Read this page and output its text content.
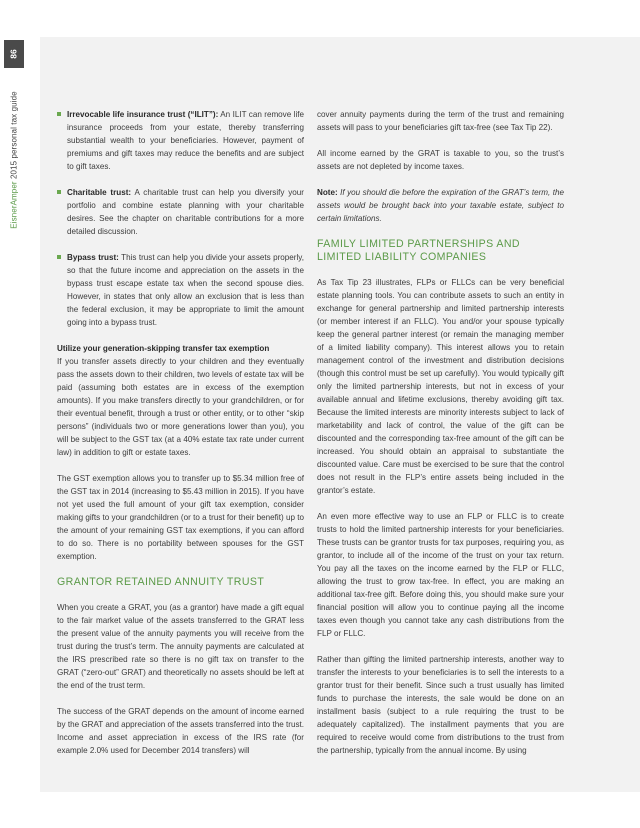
86
EisnerAmper 2015 personal tax guide	Irrevocable life insurance trust (“ILIT”): An ILIT can remove life insurance proceeds from your estate, thereby transferring substantial wealth to your beneficiaries. However, payment of premiums and gift taxes may reduce the benefits and are subject to gift taxes.
Charitable trust: A charitable trust can help you diversify your portfolio and combine estate planning with your charitable desires. See the chapter on charitable contributions for a more detailed discussion.
Bypass trust: This trust can help you divide your assets properly, so that the future income and appreciation on the assets in the bypass trust escape estate tax when the second spouse dies. However, in states that only allow an exclusion that is less than the federal exclusion, it may be appropriate to limit the amount going into a bypass trust.
Utilize your generation-skipping transfer tax exemption

If you transfer assets directly to your children and they eventually pass the assets down to their children, two levels of estate tax will be paid (assuming both estates are in excess of the exemption amounts). If you make transfers directly to your grandchildren, or for their eventual benefit, through a trust or other entity, or to other “skip persons” (individuals two or more generations lower than you), you will be subject to the GST tax (at a 40% estate tax rate under current law) in addition to gift or estate taxes.

The GST exemption allows you to transfer up to $5.34 million free of the GST tax in 2014 (increasing to $5.43 million in 2015). If you have not yet used the full amount of your gift tax exemption, consider making gifts to your grandchildren (or to a trust for their benefit) up to the amount of your remaining GST tax exemptions, if you can afford to do so. There is no portability between spouses for the GST exemption.

GRANTOR RETAINED ANNUITY TRUST

When you create a GRAT, you (as a grantor) have made a gift equal to the fair market value of the assets transferred to the GRAT less the present value of the annuity payments you will receive from the trust during the trust’s term. The annuity payments are calculated at the IRS prescribed rate so there is no gift tax on transfer to the GRAT (“zero-out” GRAT) and theoretically no assets should be left at the end of the trust term.

The success of the GRAT depends on the amount of income earned by the GRAT and appreciation of the assets transferred into the trust. Income and asset appreciation in excess of the IRS rate (for example 2.0% used for December 2014 transfers) will

cover annuity payments during the term of the trust and remaining assets will pass to your beneficiaries gift tax-free (see Tax Tip 22).

All income earned by the GRAT is taxable to you, so the trust’s assets are not depleted by income taxes.

Note: If you should die before the expiration of the GRAT’s term, the assets would be brought back into your taxable estate, subject to certain limitations.

FAMILY LIMITED PARTNERSHIPS AND LIMITED LIABILITY COMPANIES

As Tax Tip 23 illustrates, FLPs or FLLCs can be very beneficial estate planning tools. You can contribute assets to such an entity in exchange for general partnership and limited partnership interests (or member interest if an FLLC). You and/or your spouse typically keep the general partner interest (or remain the managing member of a limited liability company). This interest allows you to retain management control of the investment and distribution decisions (though this control must be set up carefully). You would typically gift only the limited partnership interests, but not in excess of your available annual and lifetime exclusions, thereby avoiding gift tax. Because the limited interests are minority interests subject to lack of marketability and lack of control, the value of the gift can be discounted and the corresponding tax-free amount of the gift can be increased. You should obtain an appraisal to substantiate the discounted value. Care must be exercised to be sure that the control does not result in the FLP’s entire assets being included in the grantor’s estate.

An even more effective way to use an FLP or FLLC is to create trusts to hold the limited partnership interests for your beneficiaries. These trusts can be grantor trusts for tax purposes, requiring you, as grantor, to include all of the income of the trust on your tax return. You pay all the taxes on the income earned by the FLP or FLLC, allowing the trust to grow tax-free. In effect, you are making an additional tax-free gift. Before doing this, you should make sure your financial position will allow you to continue paying all the income taxes even though you cannot take any cash distributions from the FLP or FLLC.

Rather than gifting the limited partnership interests, another way to transfer the interests to your beneficiaries is to sell the interests to a grantor trust for their benefit. Since such a trust usually has limited funds to purchase the interests, the sale would be done on an installment basis (subject to a rule requiring the trust to be adequately capitalized). The installment payments that you are required to receive would come from distributions to the trust from the partnership, typically from the annual income. By using
